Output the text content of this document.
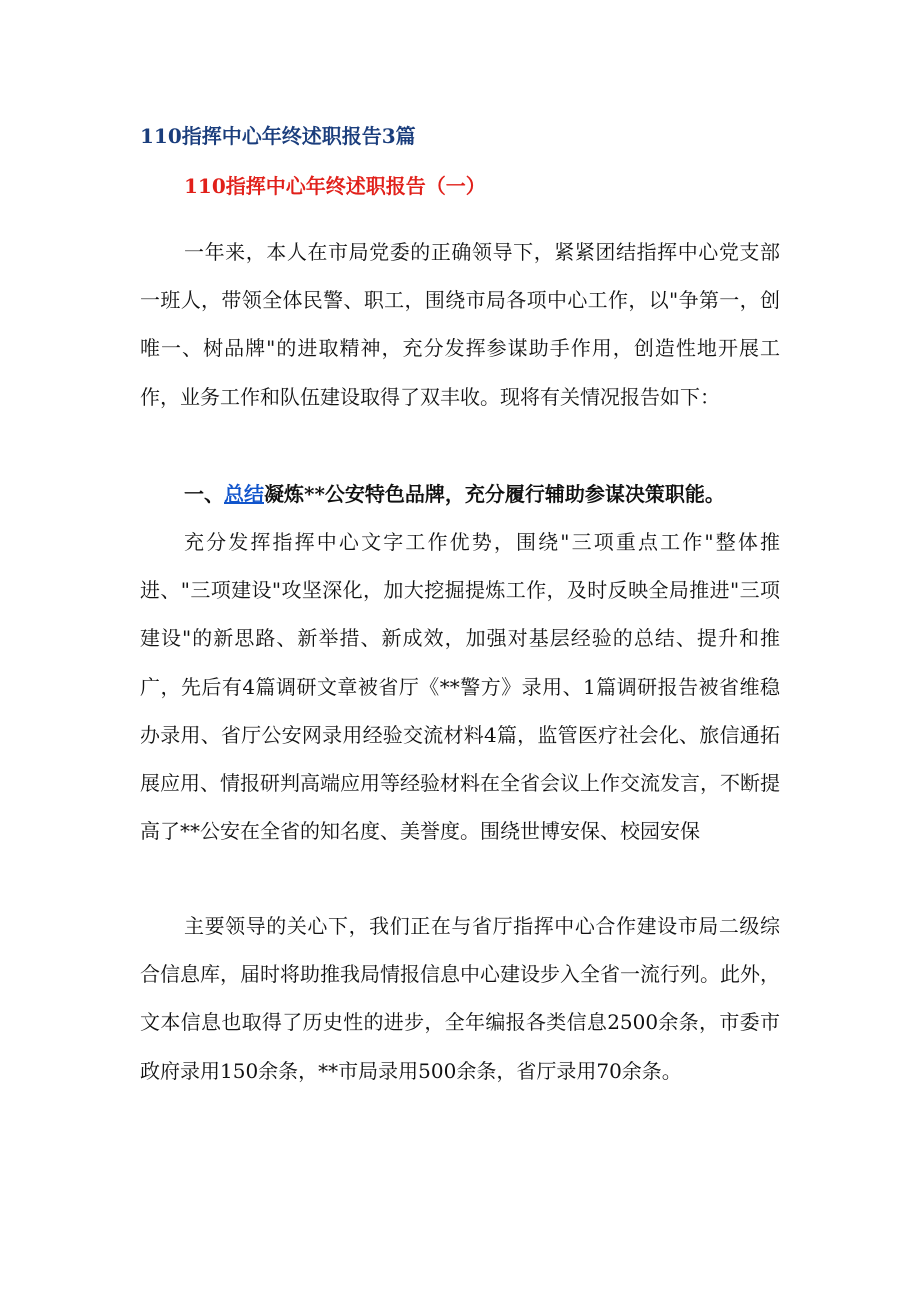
110指挥中心年终述职报告3篇
110指挥中心年终述职报告（一）

一年来，本人在市局党委的正确领导下，紧紧团结指挥中心党支部一班人，带领全体民警、职工，围绕市局各项中心工作，以"争第一，创唯一、树品牌"的进取精神，充分发挥参谋助手作用，创造性地开展工作，业务工作和队伍建设取得了双丰收。现将有关情况报告如下：

一、总结凝炼**公安特色品牌，充分履行辅助参谋决策职能。

充分发挥指挥中心文字工作优势，围绕"三项重点工作"整体推进、"三项建设"攻坚深化，加大挖掘提炼工作，及时反映全局推进"三项建设"的新思路、新举措、新成效，加强对基层经验的总结、提升和推广，先后有4篇调研文章被省厅《**警方》录用、1篇调研报告被省维稳办录用、省厅公安网录用经验交流材料4篇，监管医疗社会化、旅信通拓展应用、情报研判高端应用等经验材料在全省会议上作交流发言，不断提高了**公安在全省的知名度、美誉度。围绕世博安保、校园安保

主要领导的关心下，我们正在与省厅指挥中心合作建设市局二级综合信息库，届时将助推我局情报信息中心建设步入全省一流行列。此外，文本信息也取得了历史性的进步，全年编报各类信息2500余条，市委市政府录用150余条，**市局录用500余条，省厅录用70余条。
